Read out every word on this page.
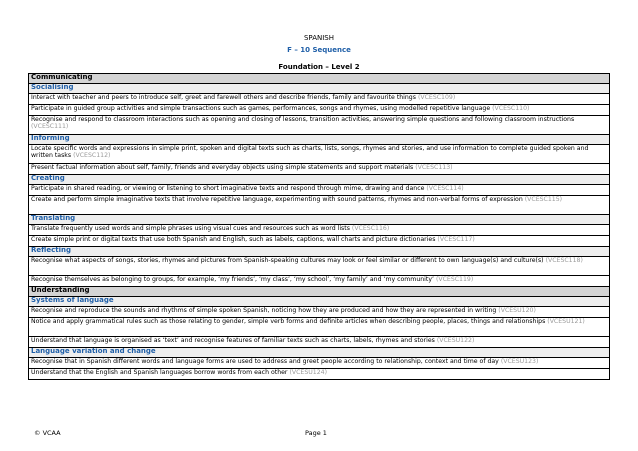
SPANISH
F – 10 Sequence
Foundation – Level 2
Communicating
Socialising
Interact with teacher and peers to introduce self, greet and farewell others and describe friends, family and favourite things (VCESC109)
Participate in guided group activities and simple transactions such as games, performances, songs and rhymes, using modelled repetitive language (VCESC110)
Recognise and respond to classroom interactions such as opening and closing of lessons, transition activities, answering simple questions and following classroom instructions (VCESC111)
Informing
Locate specific words and expressions in simple print, spoken and digital texts such as charts, lists, songs, rhymes and stories, and use information to complete guided spoken and written tasks (VCESC112)
Present factual information about self, family, friends and everyday objects using simple statements and support materials (VCESC113)
Creating
Participate in shared reading, or viewing or listening to short imaginative texts and respond through mime, drawing and dance (VCESC114)
Create and perform simple imaginative texts that involve repetitive language, experimenting with sound patterns, rhymes and non-verbal forms of expression (VCESC115)
Translating
Translate frequently used words and simple phrases using visual cues and resources such as word lists (VCESC116)
Create simple print or digital texts that use both Spanish and English, such as labels, captions, wall charts and picture dictionaries (VCESC117)
Reflecting
Recognise what aspects of songs, stories, rhymes and pictures from Spanish-speaking cultures may look or feel similar or different to own language(s) and culture(s) (VCESC118)
Recognise themselves as belonging to groups, for example, ‘my friends’, ‘my class’, ‘my school’, ‘my family’ and ‘my community’ (VCESC119)
Understanding
Systems of language
Recognise and reproduce the sounds and rhythms of simple spoken Spanish, noticing how they are produced and how they are represented in writing (VCESU120)
Notice and apply grammatical rules such as those relating to gender, simple verb forms and definite articles when describing people, places, things and relationships (VCESU121)
Understand that language is organised as ‘text’ and recognise features of familiar texts such as charts, labels, rhymes and stories (VCESU122)
Language variation and change
Recognise that in Spanish different words and language forms are used to address and greet people according to relationship, context and time of day (VCESU123)
Understand that the English and Spanish languages borrow words from each other (VCESU124)
© VCAA	Page 1
